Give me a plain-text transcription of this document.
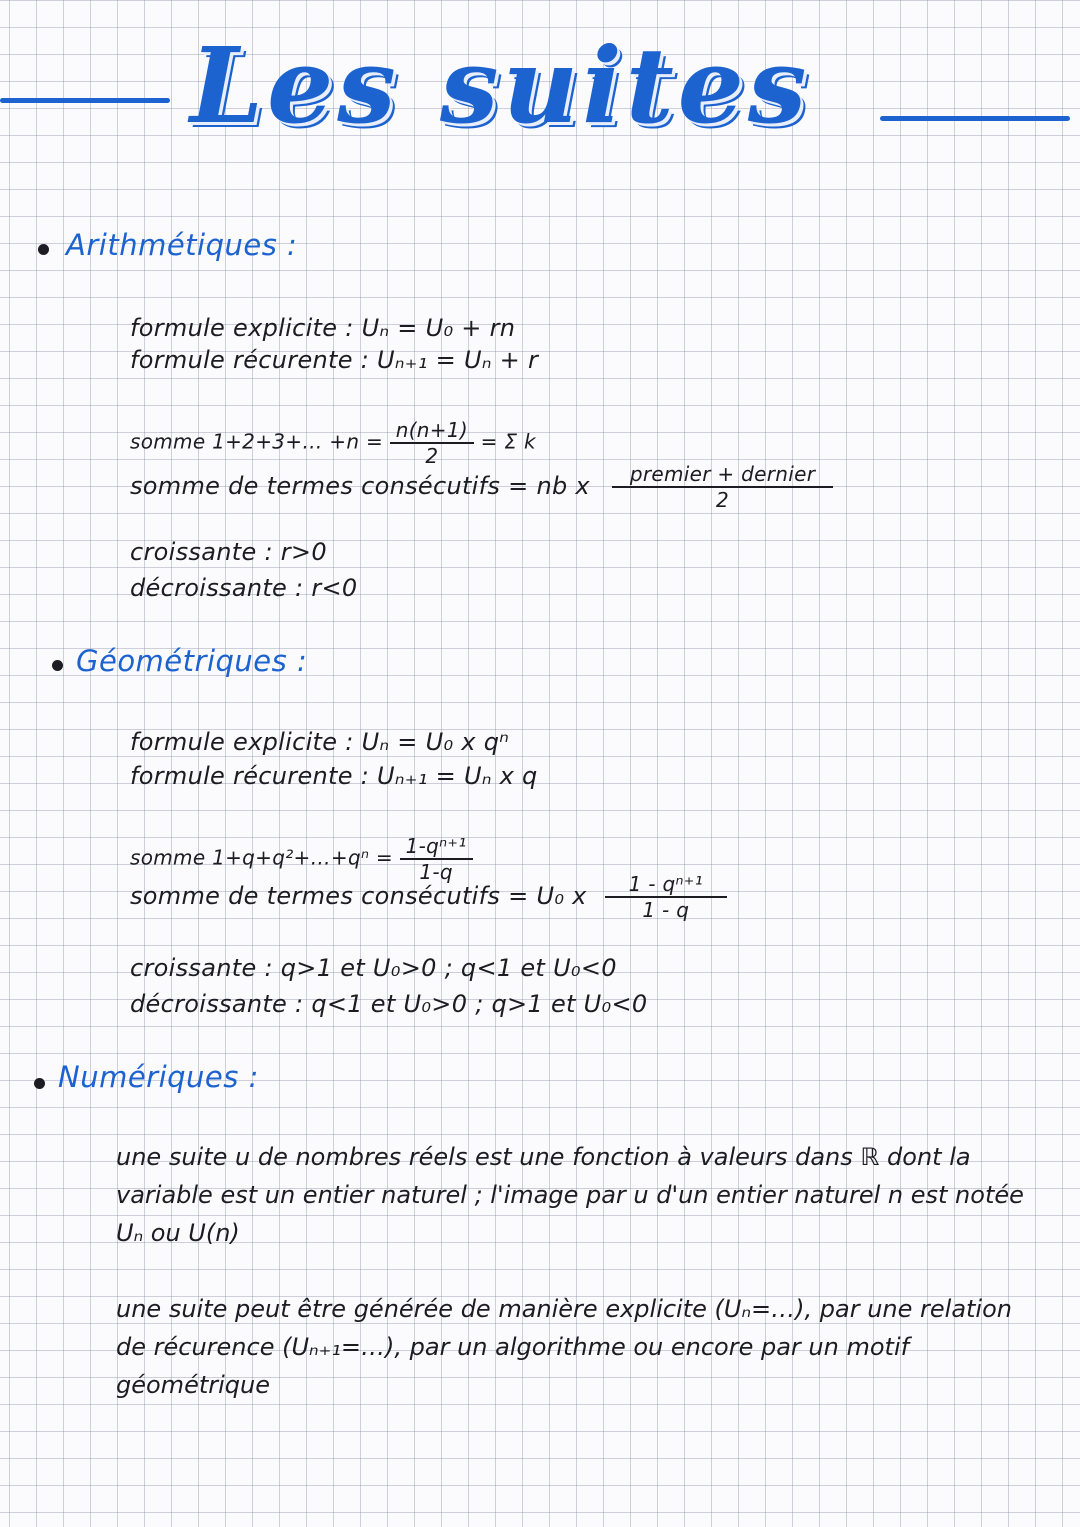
Les suites
Arithmétiques :
formule explicite : Uₙ = U₀ + rn
formule récurente : Uₙ₊₁ = Uₙ + r
somme 1+2+3+… $+n = \frac{n(n+1)}{2} = \Sigma$ k
somme de termes consécutifs = nb x $\frac{\text{premier + dernier}}{2}$
croissante : r>0
décroissante : r<0
Géométriques :
formule explicite : Uₙ = U₀ x qⁿ
formule récurente : Uₙ₊₁ = Uₙ x q
somme 1+q+q²+…+qⁿ = $\frac{\text{1-qⁿ⁺¹}}{1-q}$
somme de termes consécutifs = U₀ x $\frac{\text{1 - qⁿ⁺¹}}{1 - q}$
croissante : q>1 et U₀>0 ; q<1 et U₀<0
décroissante : q<1 et U₀>0 ; q>1 et U₀<0
Numériques :
une suite u de nombres réels est une fonction à valeurs dans ℝ dont la variable est un entier naturel ; l'image par u d'un entier naturel n est notée Uₙ ou U(n)
une suite peut être générée de manière explicite (Uₙ=…), par une relation de récurence (Uₙ₊₁=…), par un algorithme ou encore par un motif géométrique
